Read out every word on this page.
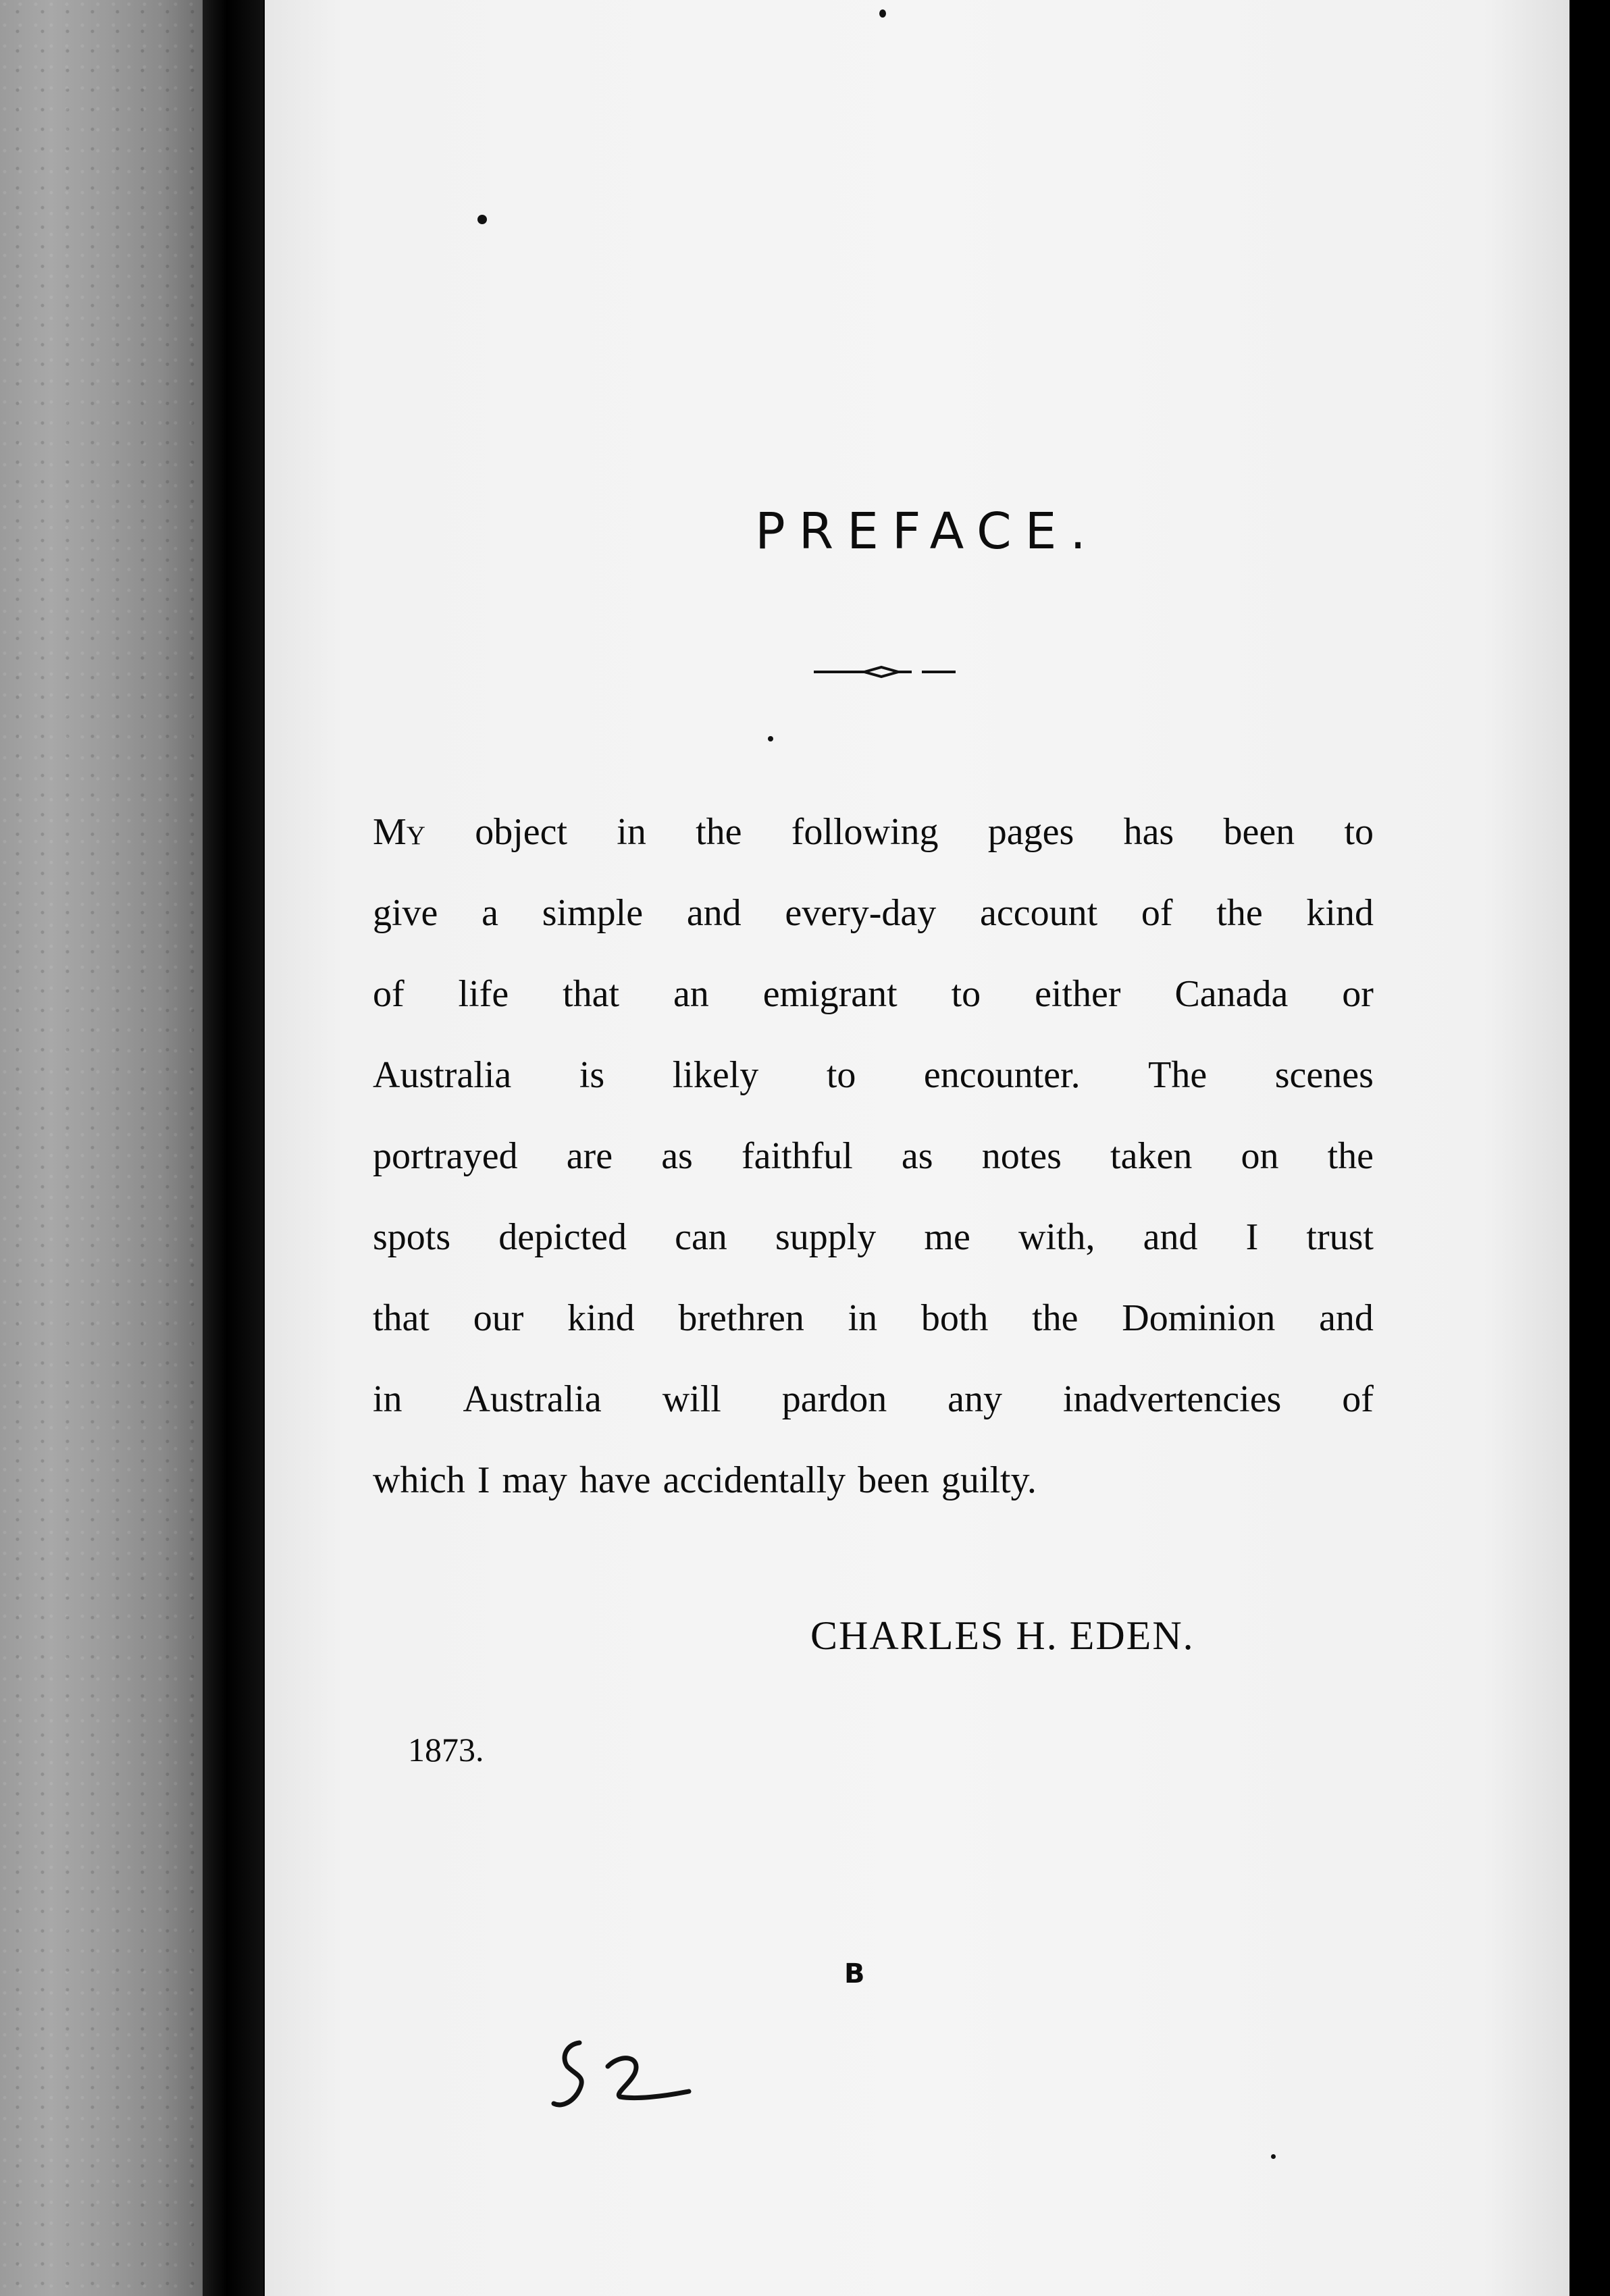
PREFACE.
My object in the following pages has been to
give a simple and every-day account of the kind
of life that an emigrant to either Canada or
Australia is likely to encounter. The scenes
portrayed are as faithful as notes taken on the
spots depicted can supply me with, and I trust
that our kind brethren in both the Dominion and
in Australia will pardon any inadvertencies of
which I may have accidentally been guilty.
CHARLES H. EDEN.
1873.
B
